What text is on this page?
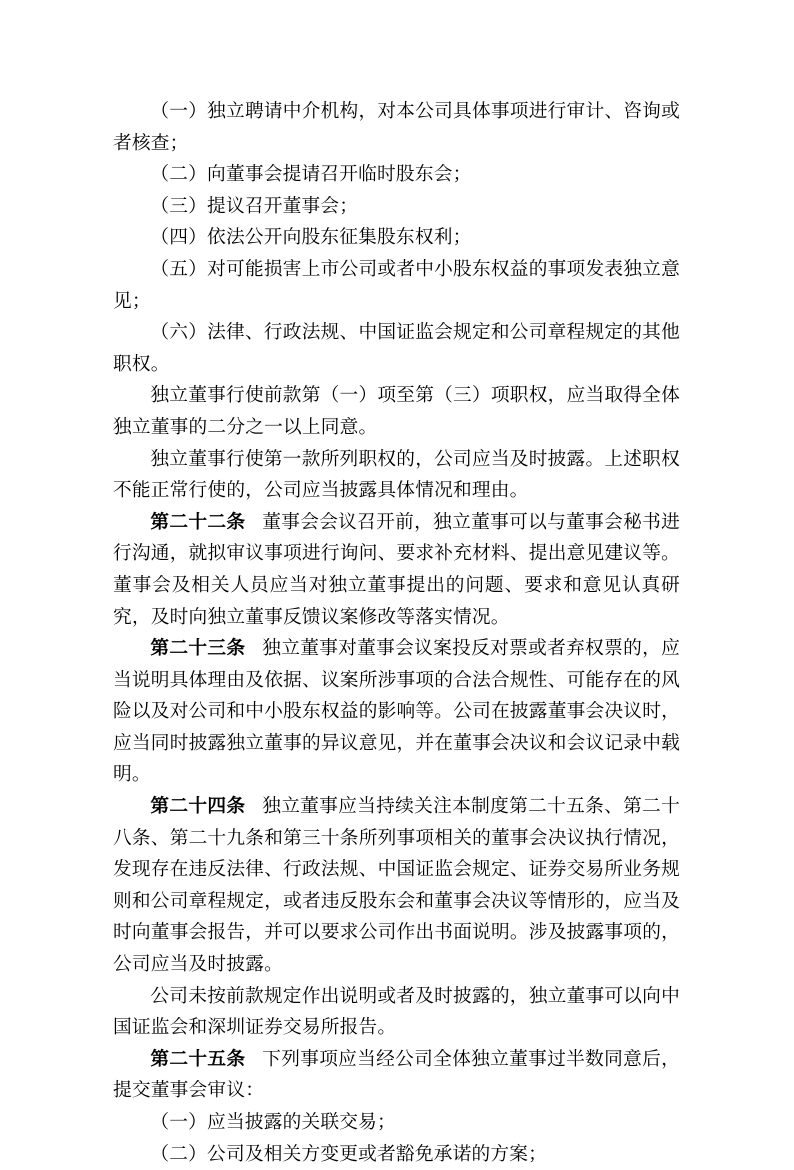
（一）独立聘请中介机构，对本公司具体事项进行审计、咨询或者核查；

（二）向董事会提请召开临时股东会；

（三）提议召开董事会；

（四）依法公开向股东征集股东权利；

（五）对可能损害上市公司或者中小股东权益的事项发表独立意见；

（六）法律、行政法规、中国证监会规定和公司章程规定的其他职权。

独立董事行使前款第（一）项至第（三）项职权，应当取得全体独立董事的二分之一以上同意。

独立董事行使第一款所列职权的，公司应当及时披露。上述职权不能正常行使的，公司应当披露具体情况和理由。

第二十二条 董事会会议召开前，独立董事可以与董事会秘书进行沟通，就拟审议事项进行询问、要求补充材料、提出意见建议等。董事会及相关人员应当对独立董事提出的问题、要求和意见认真研究，及时向独立董事反馈议案修改等落实情况。

第二十三条 独立董事对董事会议案投反对票或者弃权票的，应当说明具体理由及依据、议案所涉事项的合法合规性、可能存在的风险以及对公司和中小股东权益的影响等。公司在披露董事会决议时，应当同时披露独立董事的异议意见，并在董事会决议和会议记录中载明。

第二十四条 独立董事应当持续关注本制度第二十五条、第二十八条、第二十九条和第三十条所列事项相关的董事会决议执行情况，发现存在违反法律、行政法规、中国证监会规定、证券交易所业务规则和公司章程规定，或者违反股东会和董事会决议等情形的，应当及时向董事会报告，并可以要求公司作出书面说明。涉及披露事项的，公司应当及时披露。

公司未按前款规定作出说明或者及时披露的，独立董事可以向中国证监会和深圳证券交易所报告。

第二十五条 下列事项应当经公司全体独立董事过半数同意后，提交董事会审议：

（一）应当披露的关联交易；

（二）公司及相关方变更或者豁免承诺的方案；
